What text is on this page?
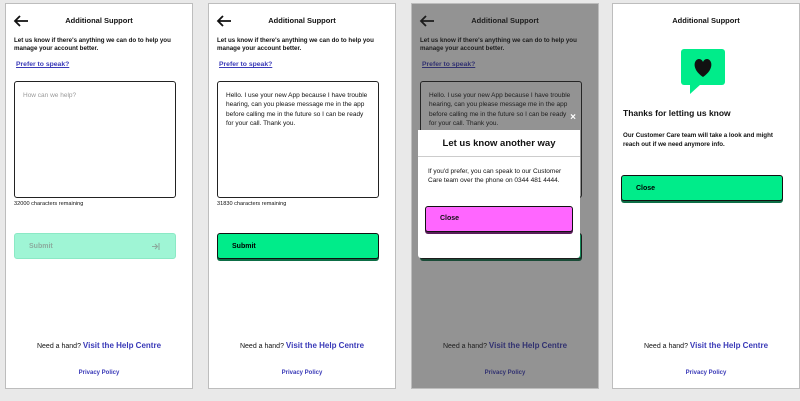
Additional Support
Let us know if there's anything we can do to help you manage your account better.
Prefer to speak?
How can we help?
32000 characters remaining
Submit
Need a hand? Visit the Help Centre
Privacy Policy
Additional Support
Let us know if there's anything we can do to help you manage your account better.
Prefer to speak?
Hello. I use your new App because I have trouble hearing, can you please message me in the app before calling me in the future so I can be ready for your call. Thank you.
31830 characters remaining
Submit
Need a hand? Visit the Help Centre
Privacy Policy
×
Let us know another way
If you'd prefer, you can speak to our Customer Care team over the phone on 0344 481 4444.
Close
Additional Support
Thanks for letting us know
Our Customer Care team will take a look and might reach out if we need anymore info.
Close
Need a hand? Visit the Help Centre
Privacy Policy
